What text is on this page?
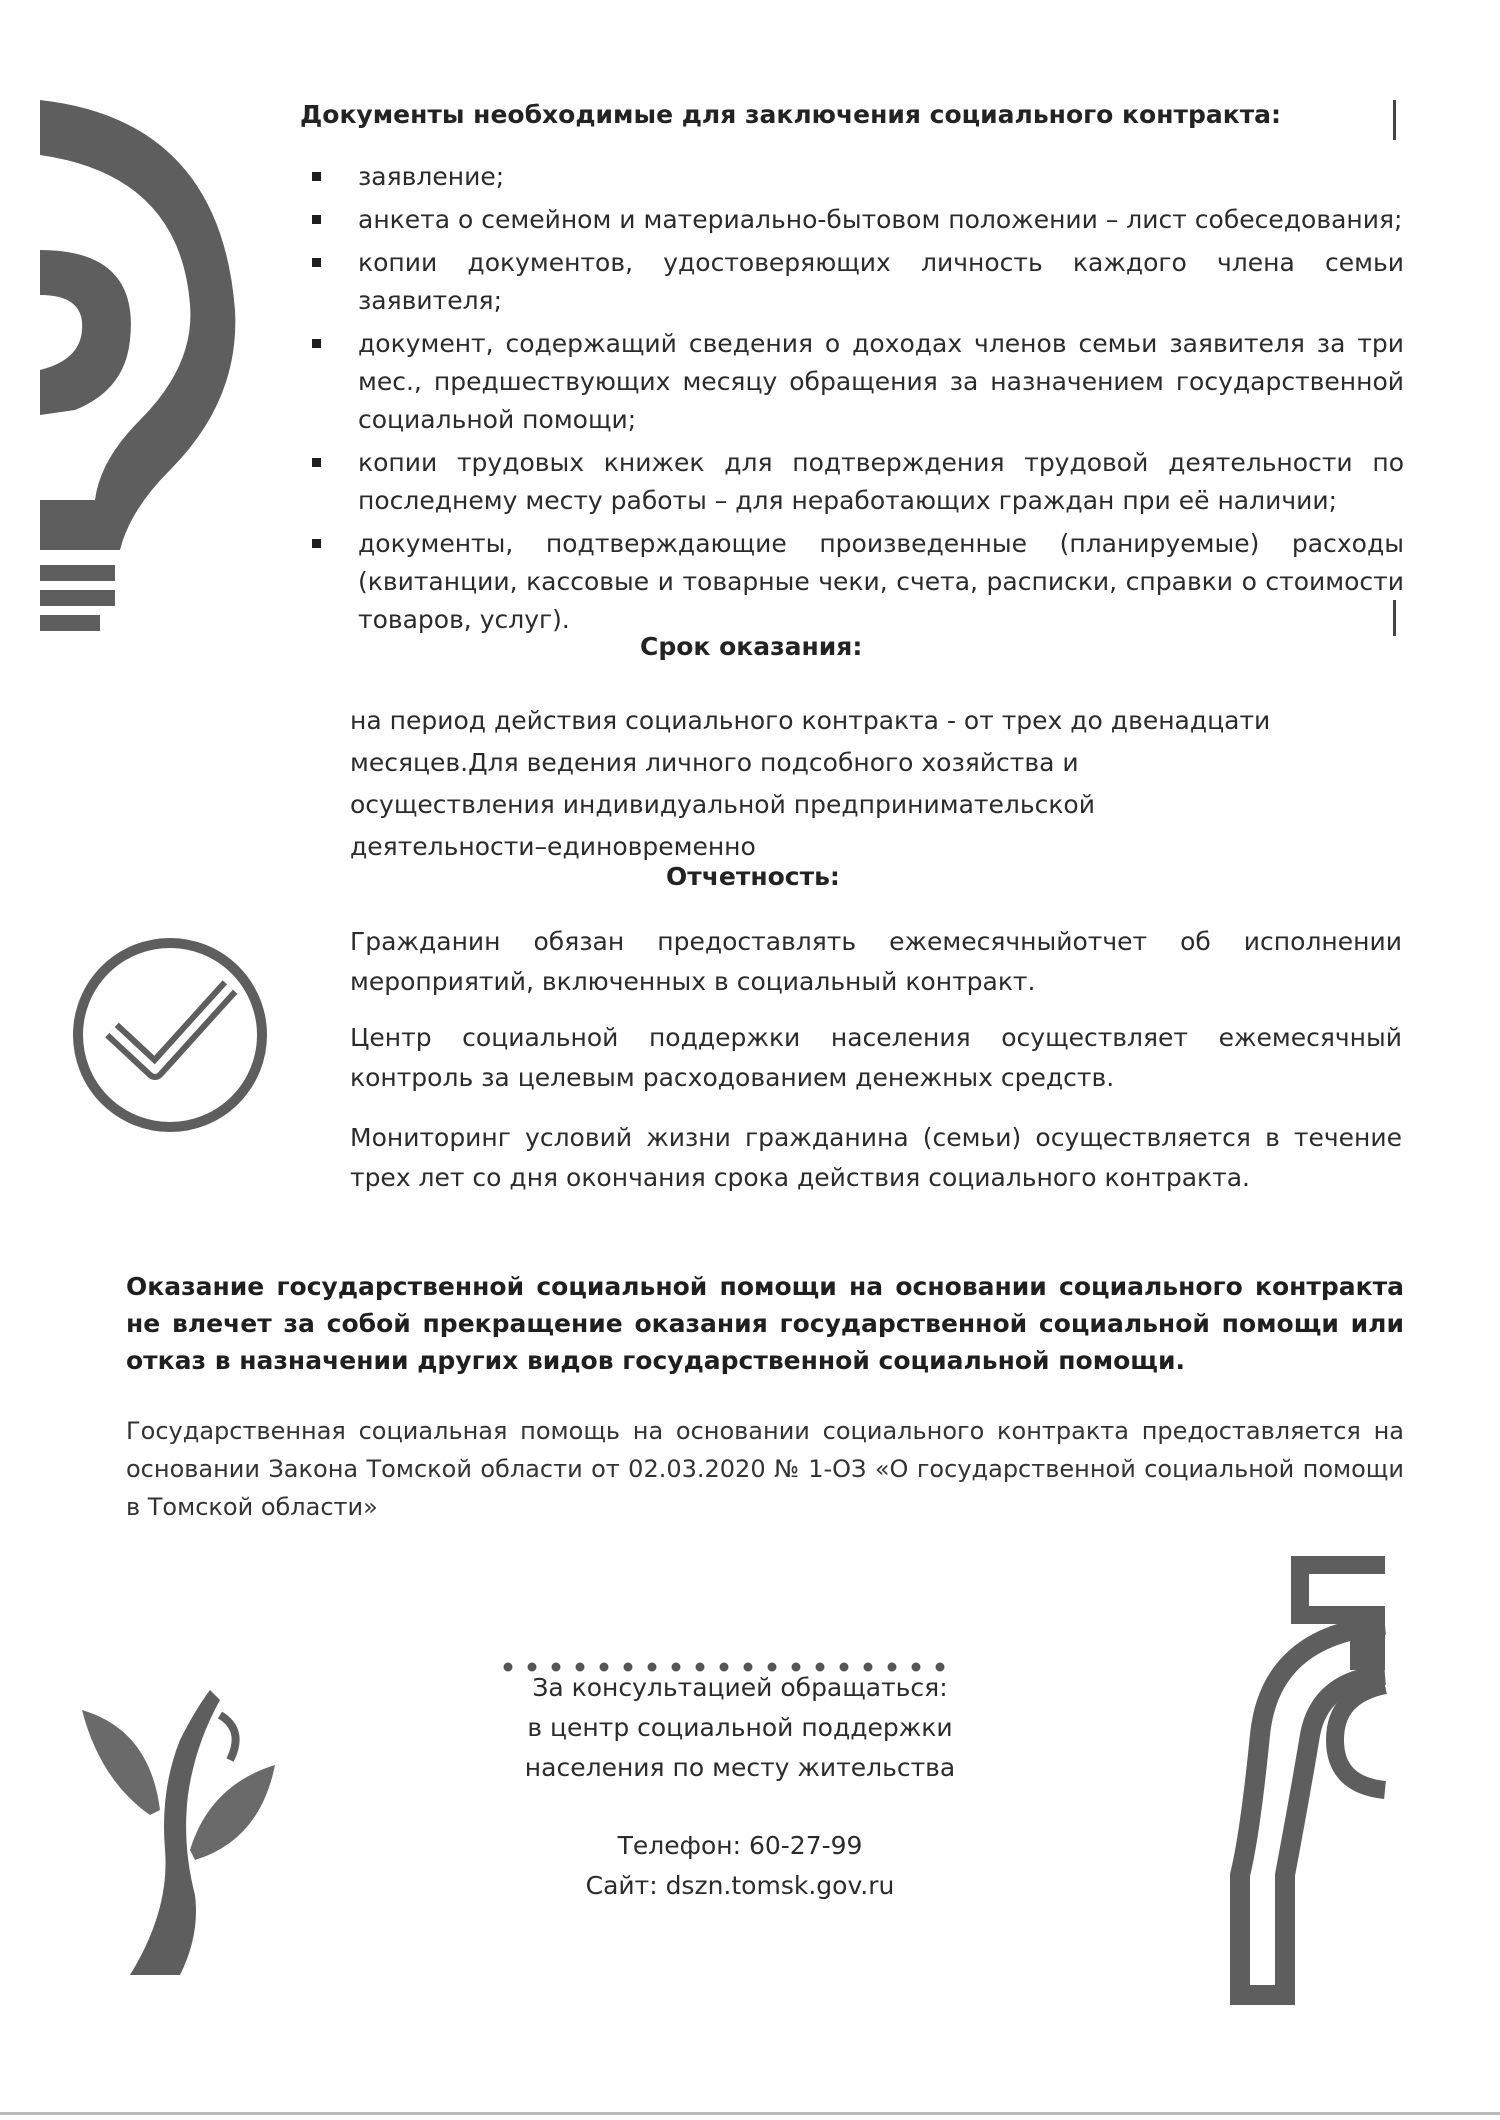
Документы необходимые для заключения социального контракта:
заявление;
анкета о семейном и материально-бытовом положении – лист собеседования;
копии документов, удостоверяющих личность каждого члена семьи заявителя;
документ, содержащий сведения о доходах членов семьи заявителя за три мес., предшествующих месяцу обращения за назначением государственной социальной помощи;
копии трудовых книжек для подтверждения трудовой деятельности по последнему месту работы – для неработающих граждан при её наличии;
документы, подтверждающие произведенные (планируемые) расходы (квитанции, кассовые и товарные чеки, счета, расписки, справки о стоимости товаров, услуг).
Срок оказания:

на период действия социального контракта - от трех до двенадцати месяцев.Для ведения личного подсобного хозяйства и осуществления индивидуальной предпринимательской деятельности–единовременно

Отчетность:

Гражданин обязан предоставлять ежемесячныйотчет об исполнении мероприятий, включенных в социальный контракт.

Центр социальной поддержки населения осуществляет ежемесячный контроль за целевым расходованием денежных средств.

Мониторинг условий жизни гражданина (семьи) осуществляется в течение трех лет со дня окончания срока действия социального контракта.

Оказание государственной социальной помощи на основании социального контракта не влечет за собой прекращение оказания государственной социальной помощи или отказ в назначении других видов государственной социальной помощи.

Государственная социальная помощь на основании социального контракта предоставляется на основании Закона Томской области от 02.03.2020 № 1-ОЗ «О государственной социальной помощи в Томской области»

За консультацией обращаться:
в центр социальной поддержки
населения по месту жительства
Телефон: 60-27-99
Сайт: dszn.tomsk.gov.ru
